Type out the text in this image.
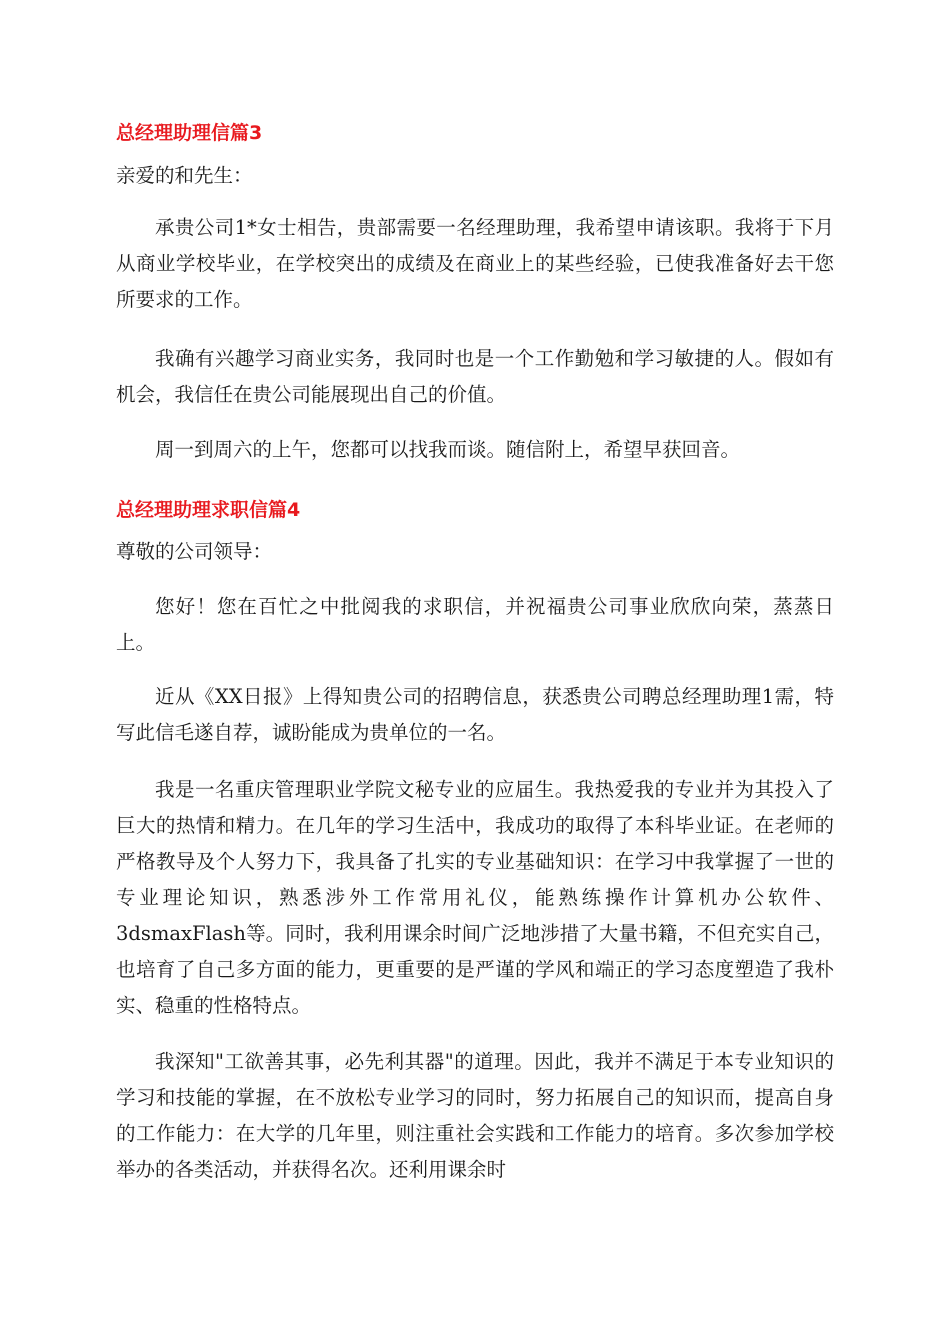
总经理助理信篇3
亲爱的和先生：

承贵公司1*女士相告，贵部需要一名经理助理，我希望申请该职。我将于下月从商业学校毕业，在学校突出的成绩及在商业上的某些经验，已使我准备好去干您所要求的工作。

我确有兴趣学习商业实务，我同时也是一个工作勤勉和学习敏捷的人。假如有机会，我信任在贵公司能展现出自己的价值。

周一到周六的上午，您都可以找我而谈。随信附上，希望早获回音。

总经理助理求职信篇4
尊敬的公司领导：

您好！您在百忙之中批阅我的求职信，并祝福贵公司事业欣欣向荣，蒸蒸日上。

近从《XX日报》上得知贵公司的招聘信息，获悉贵公司聘总经理助理1需，特写此信毛遂自荐，诚盼能成为贵单位的一名。

我是一名重庆管理职业学院文秘专业的应届生。我热爱我的专业并为其投入了巨大的热情和精力。在几年的学习生活中，我成功的取得了本科毕业证。在老师的严格教导及个人努力下，我具备了扎实的专业基础知识：在学习中我掌握了一世的专业理论知识，熟悉涉外工作常用礼仪，能熟练操作计算机办公软件、3dsmaxFlash等。同时，我利用课余时间广泛地涉措了大量书籍，不但充实自己，也培育了自己多方面的能力，更重要的是严谨的学风和端正的学习态度塑造了我朴实、稳重的性格特点。

我深知"工欲善其事，必先利其器"的道理。因此，我并不满足于本专业知识的学习和技能的掌握，在不放松专业学习的同时，努力拓展自己的知识而，提高自身的工作能力：在大学的几年里，则注重社会实践和工作能力的培育。多次参加学校举办的各类活动，并获得名次。还利用课余时
